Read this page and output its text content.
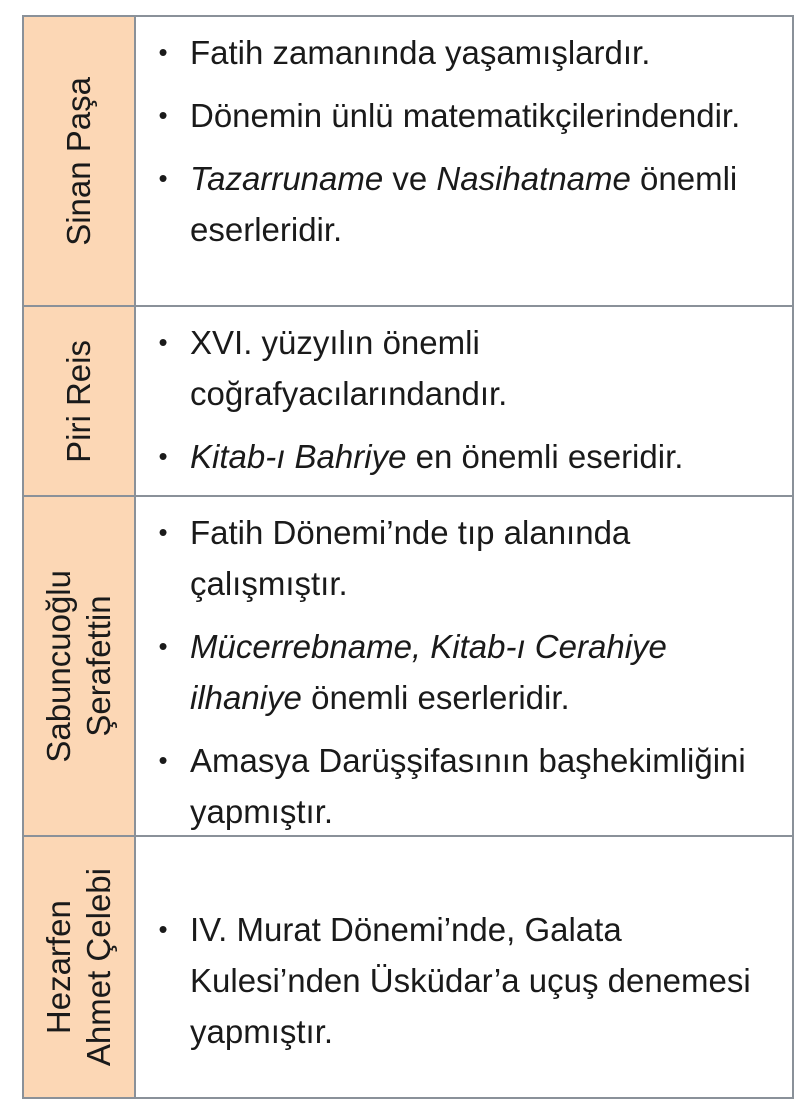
Sinan Paşa
• Fatih zamanında yaşamışlardır.
• Dönemin ünlü matematikçilerindendir.
• Tazarruname ve Nasihatname önemli eserleridir.
Piri Reis	• XVI. yüzyılın önemli coğrafyacılarındandır.
• Kitab-ı Bahriye en önemli eseridir.
Sabuncuoğlu Şerafettin
• Fatih Dönemi’nde tıp alanında çalışmıştır.
• Mücerrebname, Kitab-ı Cerahiye ilhaniye önemli eserleridir.
• Amasya Darüşşifasının başhekimliğini yapmıştır.
Hezarfen Ahmet Çelebi	• IV. Murat Dönemi’nde, Galata Kulesi’nden Üsküdar’a uçuş denemesi yapmıştır.
